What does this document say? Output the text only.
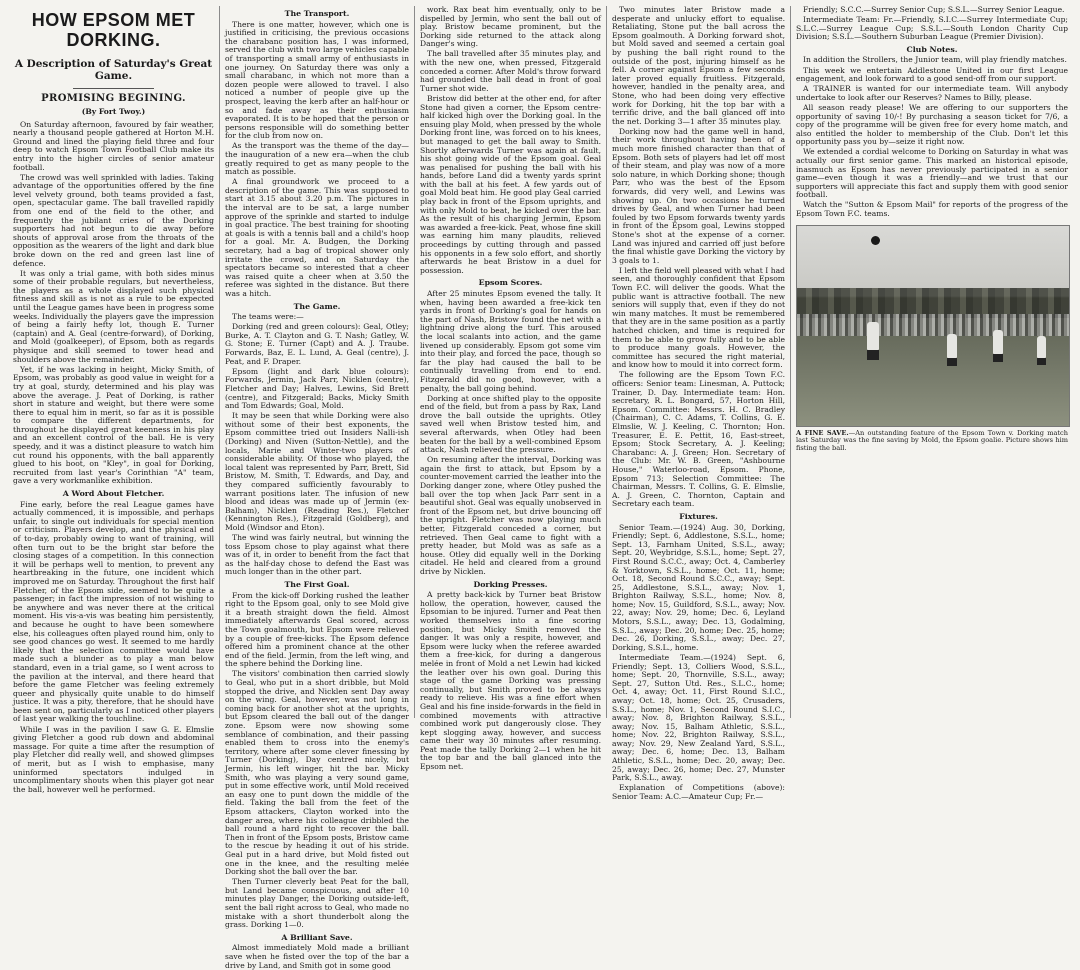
HOW EPSOM MET DORKING.
A Description of Saturday's Great Game.
PROMISING BEGINING.
(By Fort Twoy.)

On Saturday afternoon, favoured by fair weather, nearly a thousand people gathered at Horton M.H. Ground and lined the playing field three and four deep to watch Epsom Town Football Club make its entry into the higher circles of senior amateur football.

The crowd was well sprinkled with ladies. Taking advantage of the opportunities offered by the fine level velvety ground, both teams provided a fast, open, spectacular game. The ball travelled rapidly from one end of the field to the other, and frequently the jubilant cries of the Dorking supporters had not begun to die away before shouts of approval arose from the throats of the opposition as the wearers of the light and dark blue broke down on the red and green last line of defence.

It was only a trial game, with both sides minus some of their probable regulars, but nevertheless, the players as a whole displayed such physical fitness and skill as is not as a rule to be expected until the League games have been in progress some weeks. Individually the players gave the impression of being a fairly hefty lot, though E. Turner (captain) and A. Geal (centre-forward), of Dorking, and Mold (goalkeeper), of Epsom, both as regards physique and skill seemed to tower head and shoulders above the remainder.

Yet, if he was lacking in height, Micky Smith, of Epsom, was probably as good value in weight for a try at goal, sturdy, determined and his play was above the average. J. Peat of Dorking, is rather short in stature and weight, but there were some there to equal him in merit, so far as it is possible to compare the different departments, for throughout he displayed great keenness in his play and an excellent control of the ball. He is very speedy, and it was a distinct pleasure to watch him cut round his opponents, with the ball apparently glued to his boot, on "Kley", in goal for Dorking, recruited from last year's Corinthian "A" team, gave a very workmanlike exhibition.

A Word About Fletcher.

Fine early, before the real League games have actually commenced, it is impossible, and perhaps unfair, to single out individuals for special mention or criticism. Players develop, and the physical end of to-day, probably owing to want of training, will often turn out to be the bright star before the closing stages of a competition. In this connection it will be perhaps well to mention, to prevent any heartbreaking in the future, one incident which improved me on Saturday. Throughout the first half Fletcher, of the Epsom side, seemed to be quite a passenger; in fact the impression of not wishing to be anywhere and was never there at the critical moment. His vis-a-vis was beating him persistently, and because he ought to have been somewhere else, his colleagues often played round him, only to see good chances go west. It seemed to me hardly likely that the selection committee would have made such a blunder as to play a man below standard, even in a trial game, so I went across to the pavilion at the interval, and there heard that before the game Fletcher was feeling extremely queer and physically quite unable to do himself justice. It was a pity, therefore, that he should have been sent on, particularly as I noticed other players of last year walking the touchline.

While I was in the pavilion I saw G. E. Elmslie giving Fletcher a good rub down and abdominal massage. For quite a time after the resumption of play Fletcher did really well, and showed glimpses of merit, but as I wish to emphasise, many uninformed spectators indulged in uncomplimentary shouts when this player got near the ball, however well he performed.

The Transport.

There is one matter, however, which one is justified in criticising, the previous occasions the charabanc position has, I was informed, served the club with two large vehicles capable of transporting a small army of enthusiasts in one journey. On Saturday there was only a small charabanc, in which not more than a dozen people were allowed to travel. I also noticed a number of people give up the prospect, leaving the kerb after an half-hour or so and fade away as their enthusiasm evaporated. It is to be hoped that the person or persons responsible will do something better for the club from now on.

As the transport was the theme of the day—the inauguration of a new era—when the club greatly required to get as many people to the match as possible.

A final groundwork we proceed to a description of the game. This was supposed to start at 3.15 about 3.20 p.m. The pictures in the interval are to be sat, a large number approve of the sprinkle and started to indulge in goal practice. The best training for shooting at goals is with a tennis ball and a child's hoop for a goal. Mr. A. Budgen, the Dorking secretary, had a bag of tropical shower only irritate the crowd, and on Saturday the spectators became so interested that a cheer was raised quite a cheer when at 3.50 the referee was sighted in the distance. But there was a hitch.

The Game.

The teams were:—

Dorking (red and green colours): Geal, Otley; Burke, A. T. Clayton and G. T. Nash; Gatley, W. G. Stone; E. Turner (Capt) and A. J. Traube. Forwards, Baz, E. L. Lund, A. Geal (centre), J. Peat, and F. Draper.

Epsom (light and dark blue colours): Forwards, Jermin, Jack Parr, Nicklen (centre), Fletcher and Day; Halves, Lewins, Sid Brett (centre), and Fitzgerald; Backs, Micky Smith and Tom Edwards; Goal, Mold.

It may be seen that while Dorking were also without some of their best exponents, the Epsom committee tried out Insiders Nalli-ish (Dorking) and Niven (Sutton-Nettle), and the locals, Marie and Winter-two players of considerable ability. Of those who played, the local talent was represented by Parr, Brett, Sid Bristow, M. Smith, T. Edwards, and Day, and they compared sufficiently favourably to warrant positions later. The infusion of new blood and ideas was made up of Jermin (ex-Balham), Nicklen (Reading Res.), Fletcher (Kennington Res.), Fitzgerald (Goldberg), and Mold (Windsor and Eton).

The wind was fairly neutral, but winning the toss Epsom chose to play against what there was of it, in order to benefit from the fact that as the half-day chose to defend the East was much longer than in the other part.

The First Goal.

From the kick-off Dorking rushed the leather right to the Epsom goal, only to see Mold give it a breath straight down the field. Almost immediately afterwards Geal scored, across the Town goalmouth, but Epsom were relieved by a couple of free-kicks. The Epsom defence offered him a prominent chance at the other end of the field. Jermin, from the left wing, and the sphere behind the Dorking line.

The visitors' combination then carried slowly to Geal, who put in a short dribble, but Mold stopped the drive, and Nicklen sent Day away on the wing. Geal, however, was not long in coming back for another shot at the uprights, but Epsom cleared the ball out of the danger zone. Epsom were now showing some semblance of combination, and their passing enabled them to cross into the enemy's territory, where after some clever finessing by Turner (Dorking), Day centred nicely, but Jermin, his left winger, hit the bar. Micky Smith, who was playing a very sound game, put in some effective work, until Mold received an easy one to punt down the middle of the field. Taking the ball from the feet of the Epsom attackers, Clayton worked into the danger area, where his colleague dribbled the ball round a hard right to recover the ball. Then in front of the Epsom posts, Bristow came to the rescue by heading it out of his stride. Geal put in a hard drive, but Mold fisted out one in the knee, and the resulting melée Dorking shot the ball over the bar.

Then Turner cleverly beat Peat for the ball, but Land became conspicuous, and after 10 minutes play Danger, the Dorking outside-left, sent the ball right across to Geal, who made no mistake with a short thunderbolt along the grass. Dorking 1—0.

A Brilliant Save.

Almost immediately Mold made a brilliant save when he fisted over the top of the bar a drive by Land, and Smith got in some good

work. Rax beat him eventually, only to be dispelled by Jermin, who sent the ball out of play. Bristow became prominent, but the Dorking side returned to the attack along Danger's wing.

The ball travelled after 35 minutes play, and with the new one, when pressed, Fitzgerald conceded a corner. After Mold's throw forward had grounded the ball dead in front of goal Turner shot wide.

Bristow did better at the other end, for after Stone had given a corner, the Epsom centre-half kicked high over the Dorking goal. In the ensuing play Mold, when pressed by the whole Dorking front line, was forced on to his knees, but managed to get the ball away to Smith. Shortly afterwards Turner was again at fault, his shot going wide of the Epsom goal. Geal was penalised for pushing the ball with his hands, before Land did a twenty yards sprint with the ball at his feet. A few yards out of goal Mold beat him. He good play Geal carried play back in front of the Epsom uprights, and with only Mold to beat, he kicked over the bar. As the result of his charging Jermin, Epsom was awarded a free-kick. Peat, whose fine skill was earning him many plaudits, relieved proceedings by cutting through and passed his opponents in a few solo effort, and shortly afterwards he beat Bristow in a duel for possession.

Epsom Scores.

After 25 minutes Epsom evened the tally. It when, having been awarded a free-kick ten yards in front of Dorking's goal for hands on the part of Nash, Bristow found the net with a lightning drive along the turf. This aroused the local scalants into action, and the game livened up considerably. Epsom got some vim into their play, and forced the pace, though so far the play had caused the ball to be continually travelling from end to end. Fitzgerald did no good, however, with a penalty, the ball going behind.

Dorking at once shifted play to the opposite end of the field, but from a pass by Rax, Land drove the ball outside the uprights. Otley saved well when Bristow tested him, and several afterwards, when Otley had been beaten for the ball by a well-combined Epsom attack, Nash relieved the pressure.

On resuming after the interval, Dorking was again the first to attack, but Epsom by a counter-movement carried the leather into the Dorking danger zone, where Otley pushed the ball over the top when Jack Parr sent in a beautiful shot. Geal was equally unobserved in front of the Epsom net, but drive bouncing off the upright. Fletcher was now playing much better, Fitzgerald conceded a corner, but retrieved. Then Geal came to fight with a pretty header, but Mold was as safe as a house. Otley did equally well in the Dorking citadel. He held and cleared from a ground drive by Nicklen.

Dorking Presses.

A pretty back-kick by Turner beat Bristow hollow, the operation, however, caused the Epsomian to be injured. Turner and Peat then worked themselves into a fine scoring position, but Micky Smith removed the danger. It was only a respite, however, and Epsom were lucky when the referee awarded them a free-kick, for during a dangerous melée in front of Mold a net Lewin had kicked the leather over his own goal. During this stage of the game Dorking was pressing continually, but Smith proved to be always ready to relieve. His was a fine effort when Geal and his fine inside-forwards in the field in combined movements with attractive combined work put dangerously close. They kept slogging away, however, and success came their way 30 minutes after resuming. Peat made the tally Dorking 2—1 when he hit the top bar and the ball glanced into the Epsom net.

Two minutes later Bristow made a desperate and unlucky effort to equalise. Retaliating, Stone put the ball across the Epsom goalmouth. A Dorking forward shot, but Mold saved and seemed a certain goal by pushing the ball right round to the outside of the post, injuring himself as he fell. A corner against Epsom a few seconds later proved equally fruitless. Fitzgerald, however, handled in the penalty area, and Stone, who had been doing very effective work for Dorking, hit the top bar with a terrific drive, and the ball glanced off into the net. Dorking 3—1 after 35 minutes play.

Dorking now had the game well in hand, their work throughout having been of a much more finished character than that of Epsom. Both sets of players had let off most of their steam, and play was now of a more solo nature, in which Dorking shone; though Parr, who was the best of the Epsom forwards, did very well, and Lewins was showing up. On two occasions he turned drives by Geal, and when Turner had been fouled by two Epsom forwards twenty yards in front of the Epsom goal, Lewins stopped Stone's shot at the expense of a corner. Land was injured and carried off just before the final whistle gave Dorking the victory by 3 goals to 1.

I left the field well pleased with what I had seen, and thoroughly confident that Epsom Town F.C. will deliver the goods. What the public want is attractive football. The new seniors will supply that, even if they do not win many matches. It must be remembered that they are in the same position as a partly hatched chicken, and time is required for them to be able to grow fully and to be able to produce many goals. However, the committee has secured the right material, and know how to mould it into correct form.

The following are the Epsom Town F.C. officers: Senior team: Linesman, A. Puttock; Trainer, D. Day. Intermediate team: Hon. secretary, R. L. Bongard, 57, Horton Hill, Epsom. Committee: Messrs. H. C. Bradley (Chairman), C. C. Adams, T. Collins, G. E. Elmslie, W. J. Keeling, C. Thornton; Hon. Treasurer, E. E. Pettit, 16, East-street, Epsom; Stock Secretary, A. J. Keeling; Charabanc: A. J. Green; Hon. Secretary of the Club: Mr. W. B. Green, "Ashbourne House," Waterloo-road, Epsom. Phone, Epsom 713; Selection Committee: The Chairman, Messrs. T. Collins, G. E. Elmslie, A. J. Green, C. Thornton, Captain and Secretary each team.

Fixtures.

Senior Team.—(1924) Aug. 30, Dorking, Friendly; Sept. 6, Addlestone, S.S.L., home; Sept. 13, Farnham United, S.S.L., away; Sept. 20, Weybridge, S.S.L., home; Sept. 27, First Round S.C.C., away; Oct. 4, Camberley & Yorktown, S.S.L., home; Oct. 11, home; Oct. 18, Second Round S.C.C., away; Sept. 25, Addlestone, S.S.L., away; Nov. 1, Brighton Railway, S.S.L., home; Nov. 8, home; Nov. 15, Guildford, S.S.L., away; Nov. 22, away; Nov. 29, home; Dec. 6, Leyland Motors, S.S.L., away; Dec. 13, Godalming, S.S.L., away; Dec. 20, home; Dec. 25, home; Dec. 26, Dorking, S.S.L., away; Dec. 27, Dorking, S.S.L., home.

Intermediate Team.—(1924) Sept. 6, Friendly; Sept. 13, Colliers Wood, S.S.L., home; Sept. 20, Thornville, S.S.L., away; Sept. 27, Sutton Utd. Res., S.L.C., home; Oct. 4, away; Oct. 11, First Round S.I.C., away; Oct. 18, home; Oct. 25, Crusaders, S.S.L., home; Nov. 1, Second Round S.I.C., away; Nov. 8, Brighton Railway, S.S.L., away; Nov. 15, Balham Athletic, S.S.L., home; Nov. 22, Brighton Railway, S.S.L., away; Nov. 29, New Zealand Yard, S.S.L., away; Dec. 6, home; Dec. 13, Balham Athletic, S.S.L., home; Dec. 20, away; Dec. 25, away; Dec. 26, home; Dec. 27, Munster Park, S.S.L., away.

Explanation of Competitions (above): Senior Team: A.C.—Amateur Cup; Fr.—

Friendly; S.C.C.—Surrey Senior Cup; S.S.L.—Surrey Senior League.

Intermediate Team: Fr.—Friendly, S.I.C.—Surrey Intermediate Cup; S.L.C.—Surrey League Cup; S.S.L.—South London Charity Cup Division; S.S.L.—Southern Suburban League (Premier Division).

Club Notes.

In addition the Strollers, the Junior team, will play friendly matches.

This week we entertain Addlestone United in our first League engagement, and look forward to a good send-off from our support.

A TRAINER is wanted for our intermediate team. Will anybody undertake to look after our Reserves? Names to Billy, please.

All season ready please! We are offering to our supporters the opportunity of saving 10/-! By purchasing a season ticket for 7/6, a copy of the programme will be given free for every home match, and also entitled the holder to membership of the Club. Don't let this opportunity pass you by—seize it right now.

We extended a cordial welcome to Dorking on Saturday in what was actually our first senior game. This marked an historical episode, inasmuch as Epsom has never previously participated in a senior game—even though it was a friendly—and we trust that our supporters will appreciate this fact and supply them with good senior football.

Watch the "Sutton & Epsom Mail" for reports of the progress of the Epsom Town F.C. teams.

A FINE SAVE.—An outstanding feature of the Epsom Town v. Dorking match last Saturday was the fine saving by Mold, the Epsom goalie. Picture shows him fisting the ball.
